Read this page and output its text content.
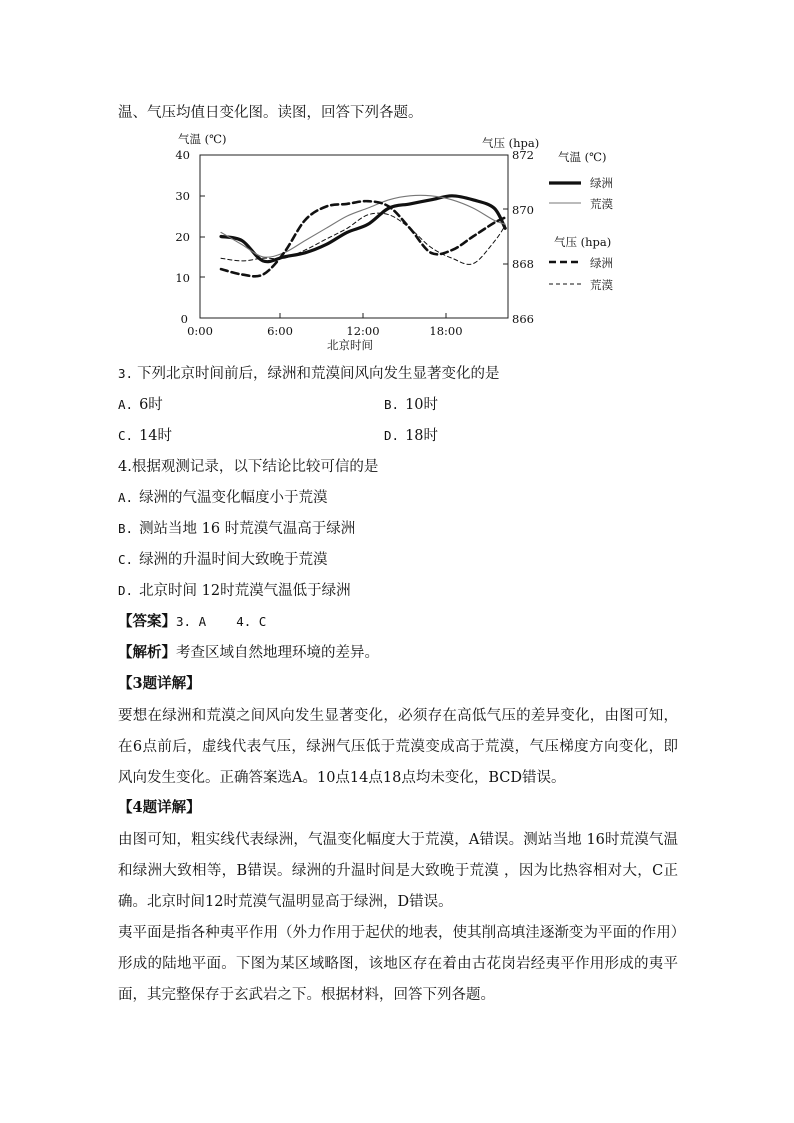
温、气压均值日变化图。读图，回答下列各题。
气温 (℃)	气压 (hpa)
40
30
20
10
0
872
870
868
866
0:00	6:00	12:00	18:00
北京时间
气温 (℃)
绿洲
荒漠
气压 (hpa)
绿洲
荒漠
3. 下列北京时间前后，绿洲和荒漠间风向发生显著变化的是
A. 6时	B. 10时
C. 14时	D. 18时
4.根据观测记录，以下结论比较可信的是
A. 绿洲的气温变化幅度小于荒漠
B. 测站当地 16 时荒漠气温高于绿洲
C. 绿洲的升温时间大致晚于荒漠
D. 北京时间 12时荒漠气温低于绿洲
【答案】3. A    4. C
【解析】考查区域自然地理环境的差异。
【3题详解】
要想在绿洲和荒漠之间风向发生显著变化，必须存在高低气压的差异变化，由图可知，在6点前后，虚线代表气压，绿洲气压低于荒漠变成高于荒漠，气压梯度方向变化，即风向发生变化。正确答案选A。10点14点18点均未变化，BCD错误。
【4题详解】
由图可知，粗实线代表绿洲，气温变化幅度大于荒漠，A错误。测站当地 16时荒漠气温和绿洲大致相等，B错误。绿洲的升温时间是大致晚于荒漠 ，因为比热容相对大，C正确。北京时间12时荒漠气温明显高于绿洲，D错误。
夷平面是指各种夷平作用（外力作用于起伏的地表，使其削高填洼逐渐变为平面的作用）形成的陆地平面。下图为某区域略图，该地区存在着由古花岗岩经夷平作用形成的夷平面，其完整保存于玄武岩之下。根据材料，回答下列各题。
